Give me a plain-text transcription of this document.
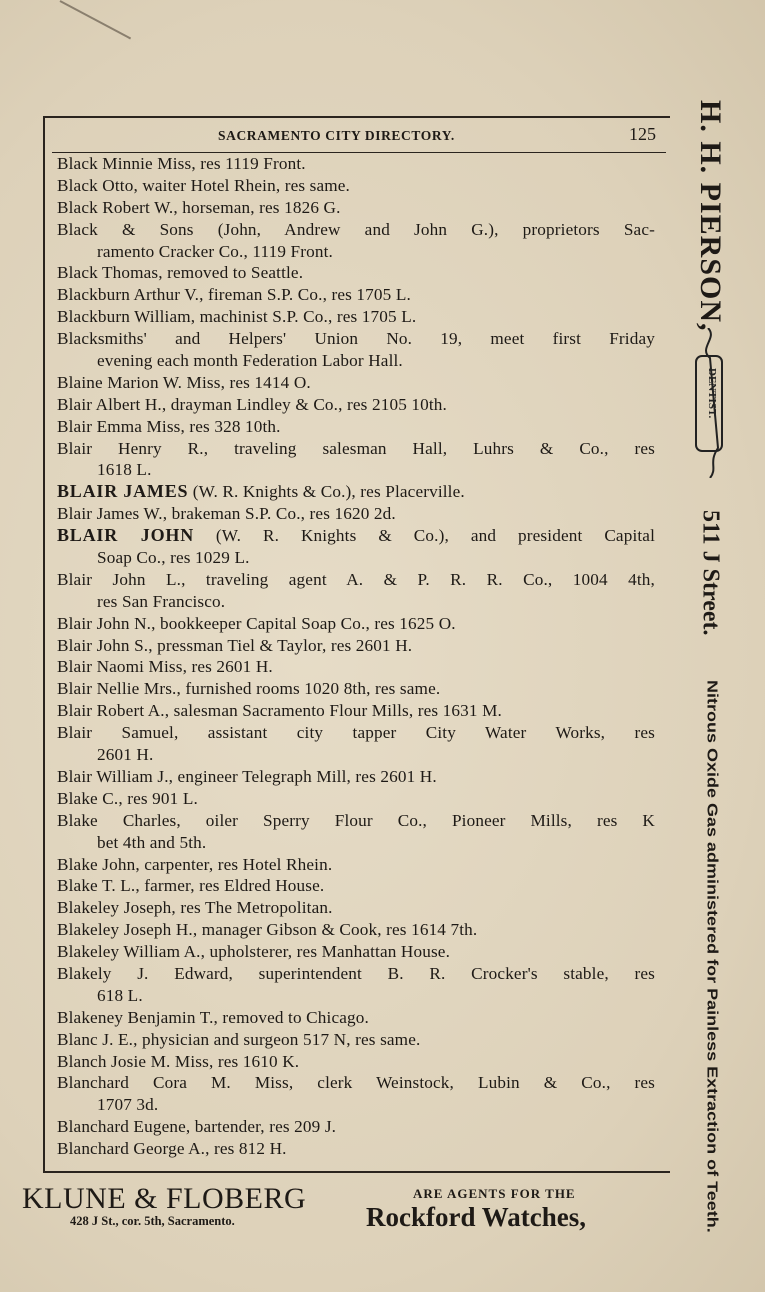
SACRAMENTO CITY DIRECTORY.	125
Black Minnie Miss, res 1119 Front.
Black Otto, waiter Hotel Rhein, res same.
Black Robert W., horseman, res 1826 G.
Black & Sons (John, Andrew and John G.), proprietors Sac-
ramento Cracker Co., 1119 Front.
Black Thomas, removed to Seattle.
Blackburn Arthur V., fireman S.P. Co., res 1705 L.
Blackburn William, machinist S.P. Co., res 1705 L.
Blacksmiths' and Helpers' Union No. 19, meet first Friday
evening each month Federation Labor Hall.
Blaine Marion W. Miss, res 1414 O.
Blair Albert H., drayman Lindley & Co., res 2105 10th.
Blair Emma Miss, res 328 10th.
Blair Henry R., traveling salesman Hall, Luhrs & Co., res
1618 L.
BLAIR JAMES (W. R. Knights & Co.), res Placerville.
Blair James W., brakeman S.P. Co., res 1620 2d.
BLAIR JOHN (W. R. Knights & Co.), and president Capital
Soap Co., res 1029 L.
Blair John L., traveling agent A. & P. R. R. Co., 1004 4th,
res San Francisco.
Blair John N., bookkeeper Capital Soap Co., res 1625 O.
Blair John S., pressman Tiel & Taylor, res 2601 H.
Blair Naomi Miss, res 2601 H.
Blair Nellie Mrs., furnished rooms 1020 8th, res same.
Blair Robert A., salesman Sacramento Flour Mills, res 1631 M.
Blair Samuel, assistant city tapper City Water Works, res
2601 H.
Blair William J., engineer Telegraph Mill, res 2601 H.
Blake C., res 901 L.
Blake Charles, oiler Sperry Flour Co., Pioneer Mills, res K
bet 4th and 5th.
Blake John, carpenter, res Hotel Rhein.
Blake T. L., farmer, res Eldred House.
Blakeley Joseph, res The Metropolitan.
Blakeley Joseph H., manager Gibson & Cook, res 1614 7th.
Blakeley William A., upholsterer, res Manhattan House.
Blakely J. Edward, superintendent B. R. Crocker's stable, res
618 L.
Blakeney Benjamin T., removed to Chicago.
Blanc J. E., physician and surgeon 517 N, res same.
Blanch Josie M. Miss, res 1610 K.
Blanchard Cora M. Miss, clerk Weinstock, Lubin & Co., res
1707 3d.
Blanchard Eugene, bartender, res 209 J.
Blanchard George A., res 812 H.
H. H. PIERSON,
DENTIST.
511 J Street.
Nitrous Oxide Gas administered for Painless Extraction of Teeth.
KLUNE & FLOBERG
428 J St., cor. 5th, Sacramento.
ARE AGENTS FOR THE
Rockford Watches,
